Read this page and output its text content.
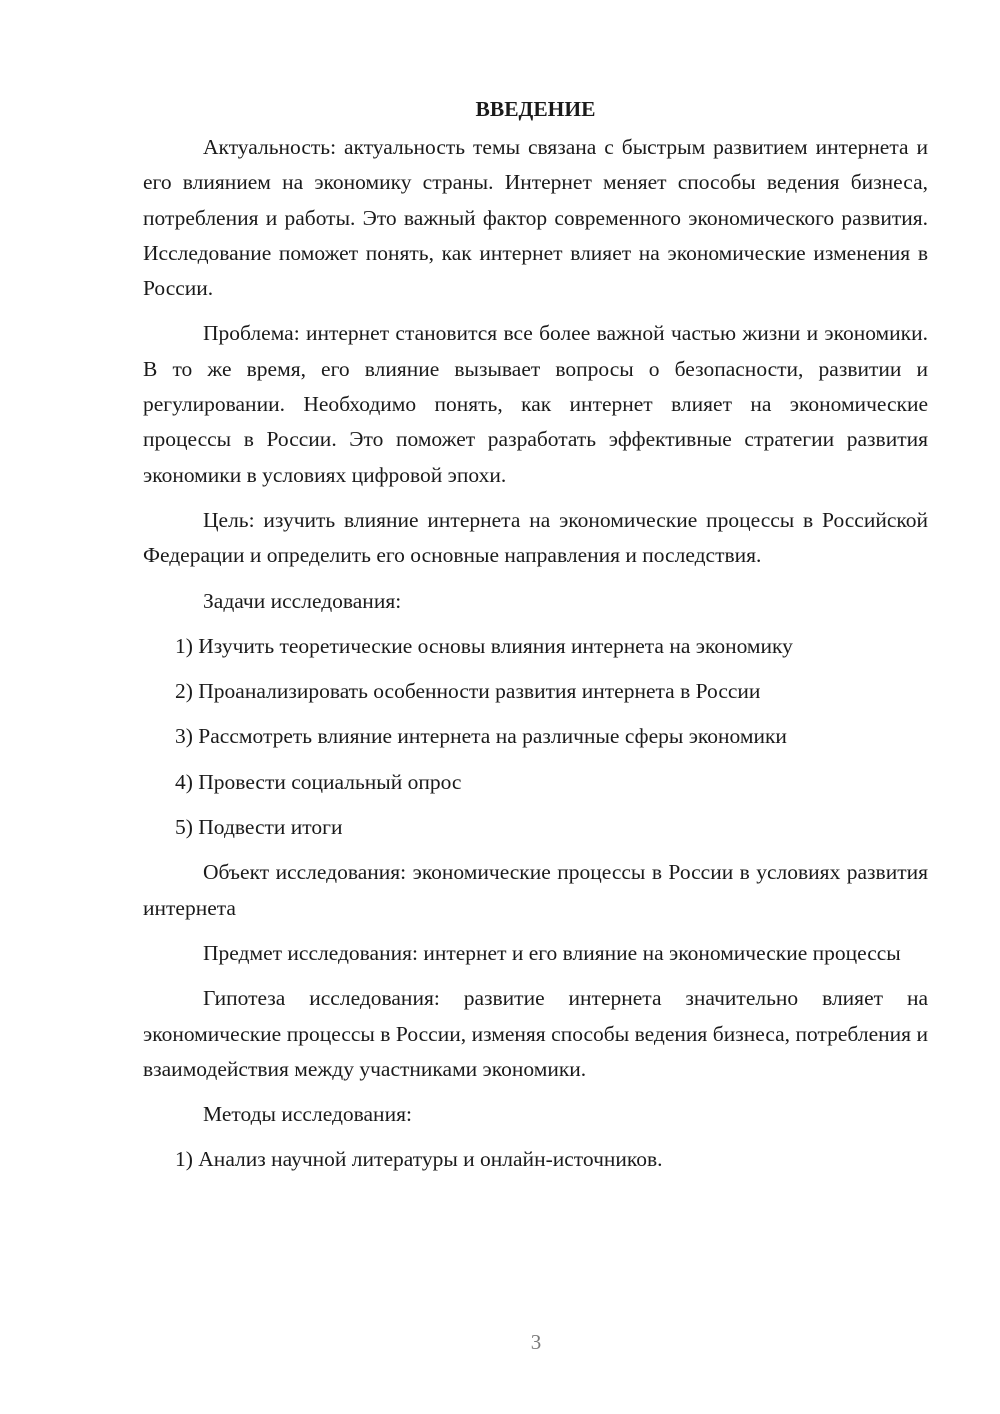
ВВЕДЕНИЕ
Актуальность: актуальность темы связана с быстрым развитием интернета и его влиянием на экономику страны. Интернет меняет способы ведения бизнеса, потребления и работы. Это важный фактор современного экономического развития. Исследование поможет понять, как интернет влияет на экономические изменения в России.
Проблема: интернет становится все более важной частью жизни и экономики. В то же время, его влияние вызывает вопросы о безопасности, развитии и регулировании. Необходимо понять, как интернет влияет на экономические процессы в России. Это поможет разработать эффективные стратегии развития экономики в условиях цифровой эпохи.
Цель: изучить влияние интернета на экономические процессы в Российской Федерации и определить его основные направления и последствия.
Задачи исследования:
1) Изучить теоретические основы влияния интернета на экономику
2) Проанализировать особенности развития интернета в России
3) Рассмотреть влияние интернета на различные сферы экономики
4) Провести социальный опрос
5) Подвести итоги
Объект исследования: экономические процессы в России в условиях развития интернета
Предмет исследования: интернет и его влияние на экономические процессы
Гипотеза исследования: развитие интернета значительно влияет на экономические процессы в России, изменяя способы ведения бизнеса, потребления и взаимодействия между участниками экономики.
Методы исследования:
1) Анализ научной литературы и онлайн-источников.
3
